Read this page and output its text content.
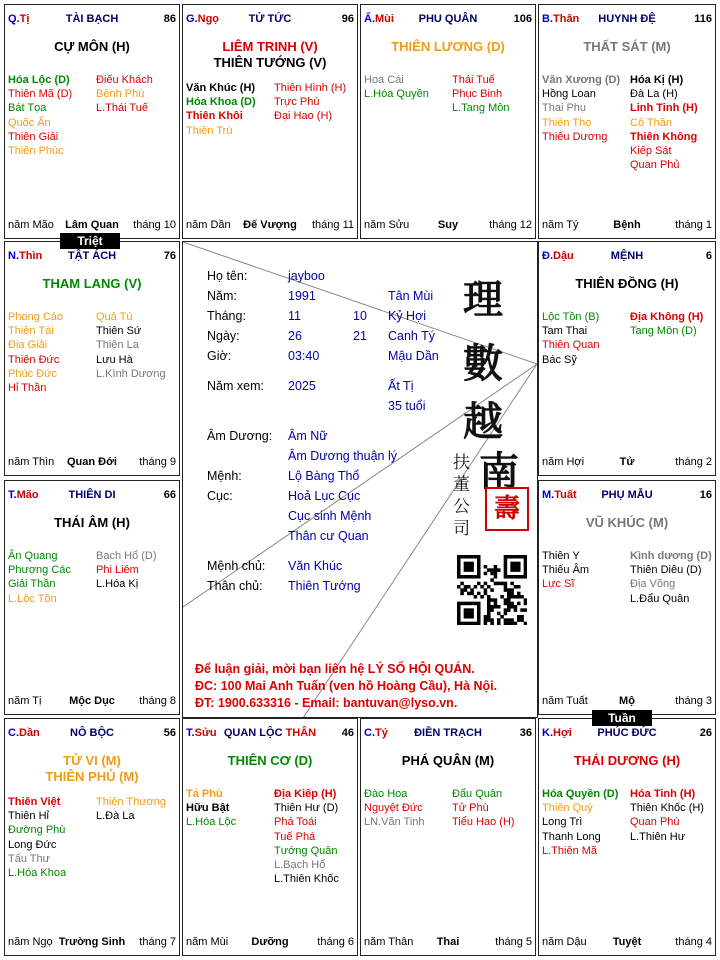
Q.Tị	TÀI BẠCH	86
CỰ MÔN (H)
Hóa Lộc (D)
Thiên Mã (D)
Bát Tọa
Quốc Ấn
Thiên Giải
Thiên Phúc
Điếu Khách
Bệnh Phù
L.Thái Tuế
năm Mão	Lâm Quan	tháng 10
G.Ngọ	TỬ TỨC	96
LIÊM TRINH (V)
THIÊN TƯỚNG (V)
Văn Khúc (H)
Hóa Khoa (D)
Thiên Khôi
Thiên Trù
Thiên Hình (H)
Trực Phù
Đại Hao (H)
năm Dần	Đế Vượng	tháng 11
Ấ.Mùi	PHU QUÂN	106
THIÊN LƯƠNG (D)
Hoa Cái
L.Hóa Quyền
Thái Tuế
Phục Binh
L.Tang Môn
năm Sửu	Suy	tháng 12
B.Thân	HUYNH ĐỆ	116
THẤT SÁT (M)
Văn Xương (D)
Hồng Loan
Thai Phụ
Thiên Thọ
Thiếu Dương
Hóa Kị (H)
Đà La (H)
Linh Tinh (H)
Cô Thần
Thiên Không
Kiếp Sát
Quan Phủ
năm Tý	Bệnh	tháng 1
N.Thìn	TẬT ÁCH	76
THAM LANG (V)
Phong Cáo
Thiên Tài
Địa Giải
Thiên Đức
Phúc Đức
Hỉ Thần
Quả Tú
Thiên Sứ
Thiên La
Lưu Hà
L.Kình Dương
năm Thìn	Quan Đới	tháng 9
Đ.Dậu	MỆNH	6
THIÊN ĐỒNG (H)
Lộc Tồn (B)
Tam Thai
Thiên Quan
Bác Sỹ
Địa Không (H)
Tang Môn (D)
năm Hợi	Tử	tháng 2
T.Mão	THIÊN DI	66
THÁI ÂM (H)
Ân Quang
Phượng Các
Giải Thần
L.Lộc Tồn
Bạch Hổ (D)
Phi Liêm
L.Hóa Kị
năm Tị	Mộc Dục	tháng 8
M.Tuất	PHỤ MẪU	16
VŨ KHÚC (M)
Thiên Y
Thiếu Âm
Lực Sĩ
Kình dương (D)
Thiên Diêu (D)
Địa Võng
L.Đẩu Quân
năm Tuất	Mộ	tháng 3
C.Dần	NÔ BỘC	56
TỬ VI (M)
THIÊN PHỦ (M)
Thiên Việt
Thiên Hỉ
Đường Phù
Long Đức
Tấu Thư
L.Hóa Khoa
Thiên Thương
L.Đà La
năm Ngọ Trường Sinh	tháng 7
T.Sửu QUAN LỘC THÂN	46
THIÊN CƠ (D)
Tả Phù
Hữu Bật
L.Hóa Lộc
Địa Kiếp (H)
Thiên Hư (D)
Phá Toái
Tuế Phá
Tướng Quân
L.Bạch Hổ
L.Thiên Khốc
năm Mùi	Dưỡng	tháng 6
C.Tý	ĐIỀN TRẠCH	36
PHÁ QUÂN (M)
Đào Hoa
Nguyệt Đức
LN.Văn Tinh
Đẩu Quân
Tử Phù
Tiểu Hao (H)
năm Thân	Thai	tháng 5
K.Hợi	PHÚC ĐỨC	26
THÁI DƯƠNG (H)
Hóa Quyền (D)
Thiên Quý
Long Trì
Thanh Long
L.Thiên Mã
Hóa Tinh (H)
Thiên Khốc (H)
Quan Phù
L.Thiên Hư
năm Dậu	Tuyệt	tháng 4
Triệt
Tuần
Họ tên:	jayboo
Năm:	1991	Tân Mùi
Tháng:	11	10 Kỷ Hợi
Ngày:	26	21 Canh Tý
Giờ:	03:40	Mậu Dần
Năm xem: 2025	Ất Tị
35 tuổi
Âm Dương: Âm Nữ
Âm Dương thuận lý
Mệnh:	Lộ Bàng Thổ
Cục:	Hoả Lục Cục
Cục sinh Mệnh
Thân cư Quan
Mệnh chủ: Văn Khúc
Thân chủ: Thiên Tướng
理
數
越
南
扶
董
公
司
壽
Để luận giải, mời bạn liên hệ LÝ SỐ HỘI QUÁN.
ĐC: 100 Mai Anh Tuấn (ven hồ Hoàng Cầu), Hà Nội.
ĐT: 1900.633316 - Email: bantuvan@lyso.vn.
